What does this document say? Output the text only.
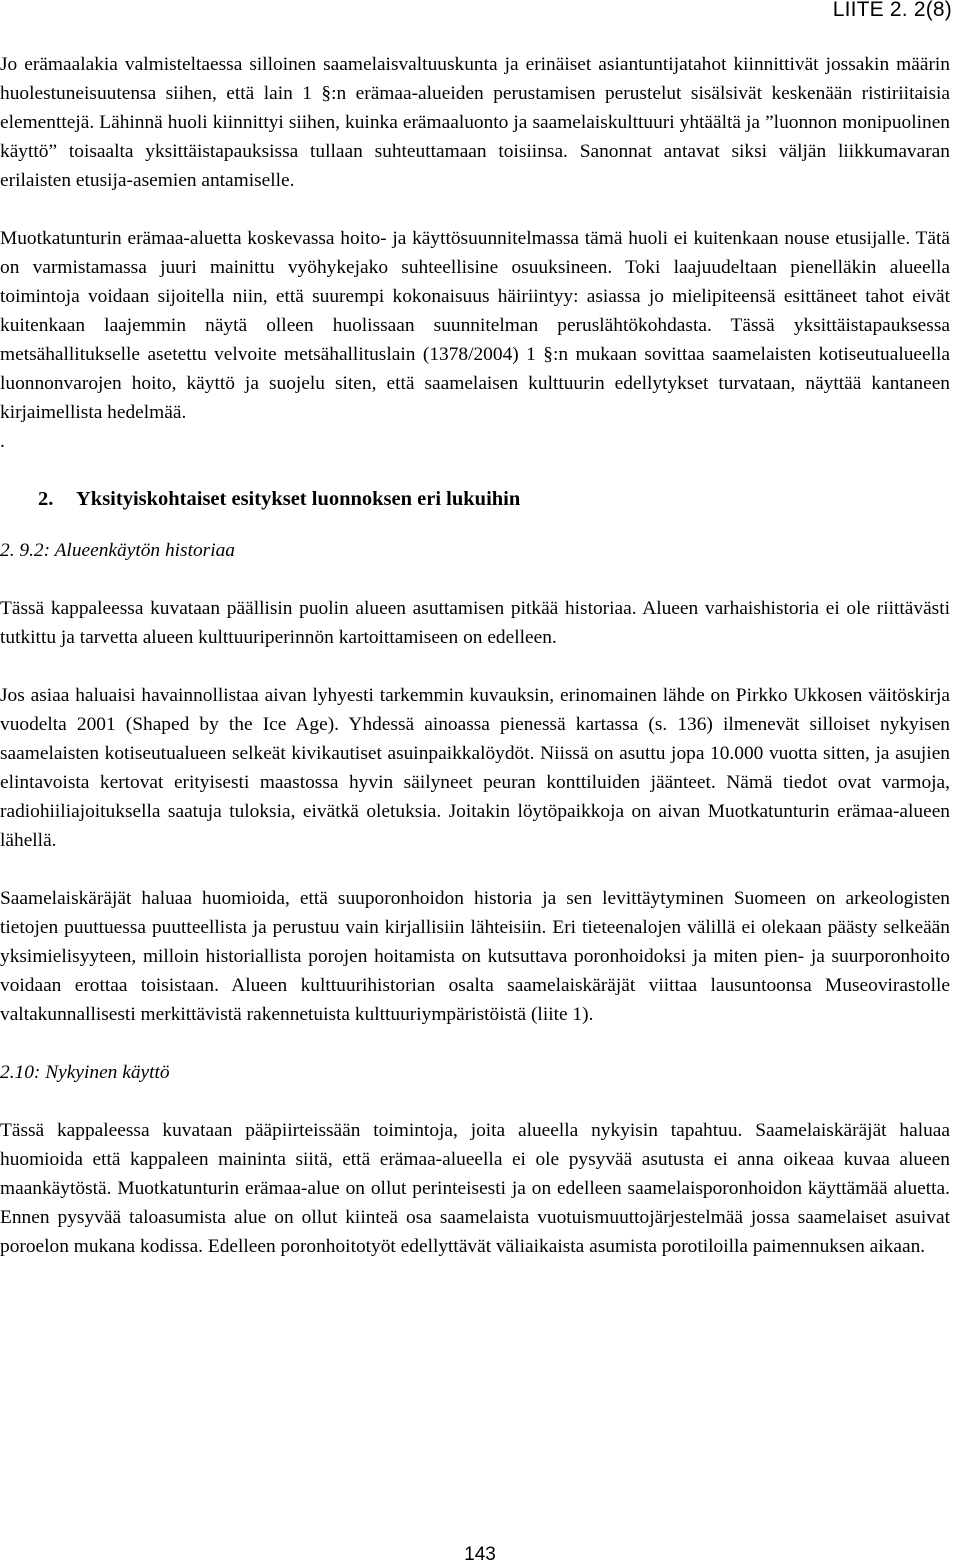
LIITE 2. 2(8)

Jo erämaalakia valmisteltaessa silloinen saamelaisvaltuuskunta ja erinäiset asiantuntijatahot kiinnittivät jossakin määrin huolestuneisuutensa siihen, että lain 1 §:n erämaa-alueiden perustamisen perustelut sisälsivät keskenään ristiriitaisia elementtejä. Lähinnä huoli kiinnittyi siihen, kuinka erämaaluonto ja saamelaiskulttuuri yhtäältä ja ”luonnon monipuolinen käyttö” toisaalta yksittäistapauksissa tullaan suhteuttamaan toisiinsa. Sanonnat antavat siksi väljän liikkumavaran erilaisten etusija-asemien antamiselle.

Muotkatunturin erämaa-aluetta koskevassa hoito- ja käyttösuunnitelmassa tämä huoli ei kuitenkaan nouse etusijalle. Tätä on varmistamassa juuri mainittu vyöhykejako suhteellisine osuuksineen. Toki laajuudeltaan pienelläkin alueella toimintoja voidaan sijoitella niin, että suurempi kokonaisuus häiriintyy: asiassa jo mielipiteensä esittäneet tahot eivät kuitenkaan laajemmin näytä olleen huolissaan suunnitelman peruslähtökohdasta. Tässä yksittäistapauksessa metsähallitukselle asetettu velvoite metsähallituslain (1378/2004) 1 §:n mukaan sovittaa saamelaisten kotiseutualueella luonnonvarojen hoito, käyttö ja suojelu siten, että saamelaisen kulttuurin edellytykset turvataan, näyttää kantaneen kirjaimellista hedelmää.

.

2. Yksityiskohtaiset esitykset luonnoksen eri lukuihin

2. 9.2: Alueenkäytön historiaa

Tässä kappaleessa kuvataan päällisin puolin alueen asuttamisen pitkää historiaa. Alueen varhaishistoria ei ole riittävästi tutkittu ja tarvetta alueen kulttuuriperinnön kartoittamiseen on edelleen.

Jos asiaa haluaisi havainnollistaa aivan lyhyesti tarkemmin kuvauksin, erinomainen lähde on Pirkko Ukkosen väitöskirja vuodelta 2001 (Shaped by the Ice Age). Yhdessä ainoassa pienessä kartassa (s. 136) ilmenevät silloiset nykyisen saamelaisten kotiseutualueen selkeät kivikautiset asuinpaikkalöydöt. Niissä on asuttu jopa 10.000 vuotta sitten, ja asujien elintavoista kertovat erityisesti maastossa hyvin säilyneet peuran konttiluiden jäänteet. Nämä tiedot ovat varmoja, radiohiiliajoituksella saatuja tuloksia, eivätkä oletuksia. Joitakin löytöpaikkoja on aivan Muotkatunturin erämaa-alueen lähellä.

Saamelaiskäräjät haluaa huomioida, että suuporonhoidon historia ja sen levittäytyminen Suomeen on arkeologisten tietojen puuttuessa puutteellista ja perustuu vain kirjallisiin lähteisiin. Eri tieteenalojen välillä ei olekaan päästy selkeään yksimielisyyteen, milloin historiallista porojen hoitamista on kutsuttava poronhoidoksi ja miten pien- ja suurporonhoito voidaan erottaa toisistaan. Alueen kulttuurihistorian osalta saamelaiskäräjät viittaa lausuntoonsa Museovirastolle valtakunnallisesti merkittävistä rakennetuista kulttuuriympäristöistä (liite 1).

2.10: Nykyinen käyttö

Tässä kappaleessa kuvataan pääpiirteissään toimintoja, joita alueella nykyisin tapahtuu. Saamelaiskäräjät haluaa huomioida että kappaleen maininta siitä, että erämaa-alueella ei ole pysyvää asutusta ei anna oikeaa kuvaa alueen maankäytöstä. Muotkatunturin erämaa-alue on ollut perinteisesti ja on edelleen saamelaisporonhoidon käyttämää aluetta. Ennen pysyvää taloasumista alue on ollut kiinteä osa saamelaista vuotuismuuttojärjestelmää jossa saamelaiset asuivat poroelon mukana kodissa. Edelleen poronhoitotyöt edellyttävät väliaikaista asumista porotiloilla paimennuksen aikaan.

143
